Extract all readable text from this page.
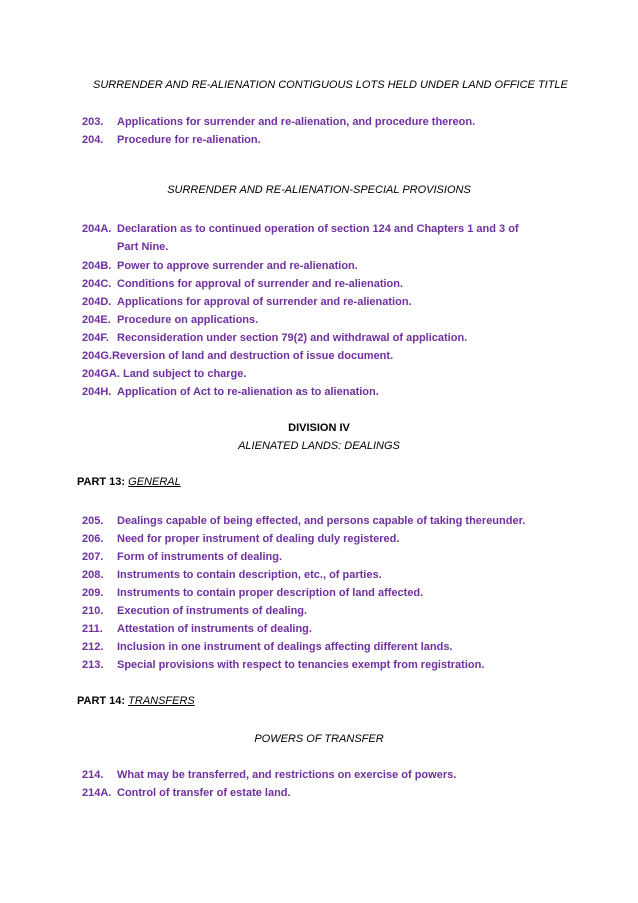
SURRENDER AND RE-ALIENATION CONTIGUOUS LOTS HELD UNDER LAND OFFICE TITLE
203. Applications for surrender and re-alienation, and procedure thereon.
204. Procedure for re-alienation.
SURRENDER AND RE-ALIENATION-SPECIAL PROVISIONS
204A. Declaration as to continued operation of section 124 and Chapters 1 and 3 of
Part Nine.
204B. Power to approve surrender and re-alienation.
204C. Conditions for approval of surrender and re-alienation.
204D. Applications for approval of surrender and re-alienation.
204E. Procedure on applications.
204F. Reconsideration under section 79(2) and withdrawal of application.
204G.Reversion of land and destruction of issue document.
204GA. Land subject to charge.
204H. Application of Act to re-alienation as to alienation.
DIVISION IV
ALIENATED LANDS: DEALINGS
PART 13: GENERAL
205. Dealings capable of being effected, and persons capable of taking thereunder.
206. Need for proper instrument of dealing duly registered.
207. Form of instruments of dealing.
208. Instruments to contain description, etc., of parties.
209. Instruments to contain proper description of land affected.
210. Execution of instruments of dealing.
211. Attestation of instruments of dealing.
212. Inclusion in one instrument of dealings affecting different lands.
213. Special provisions with respect to tenancies exempt from registration.
PART 14: TRANSFERS
POWERS OF TRANSFER
214. What may be transferred, and restrictions on exercise of powers.
214A. Control of transfer of estate land.
